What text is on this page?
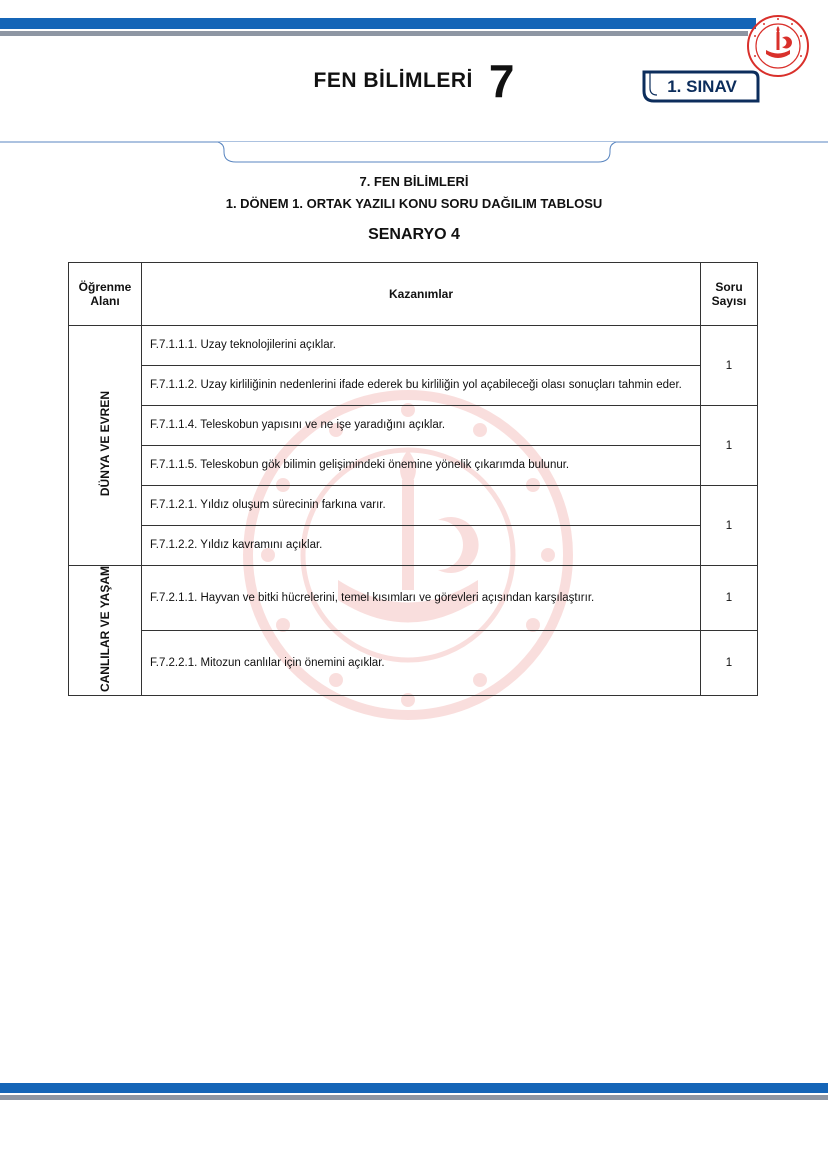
FEN BİLİMLERİ 7	1. SINAV
7. FEN BİLİMLERİ
1. DÖNEM 1. ORTAK YAZILI KONU SORU DAĞILIM TABLOSU
SENARYO 4
Öğrenme Alanı	Kazanımlar	Soru Sayısı
DÜNYA VE EVREN	F.7.1.1.1. Uzay teknolojilerini açıklar.	1
	F.7.1.1.2. Uzay kirliliğinin nedenlerini ifade ederek bu kirliliğin yol açabileceği olası sonuçları tahmin eder.	
	F.7.1.1.4. Teleskobun yapısını ve ne işe yaradığını açıklar.	1
	F.7.1.1.5. Teleskobun gök bilimin gelişimindeki önemine yönelik çıkarımda bulunur.	
	F.7.1.2.1. Yıldız oluşum sürecinin farkına varır.	1
	F.7.1.2.2. Yıldız kavramını açıklar.	
CANLILAR VE YAŞAM	F.7.2.1.1. Hayvan ve bitki hücrelerini, temel kısımları ve görevleri açısından karşılaştırır.	1
	F.7.2.2.1. Mitozun canlılar için önemini açıklar.	1
